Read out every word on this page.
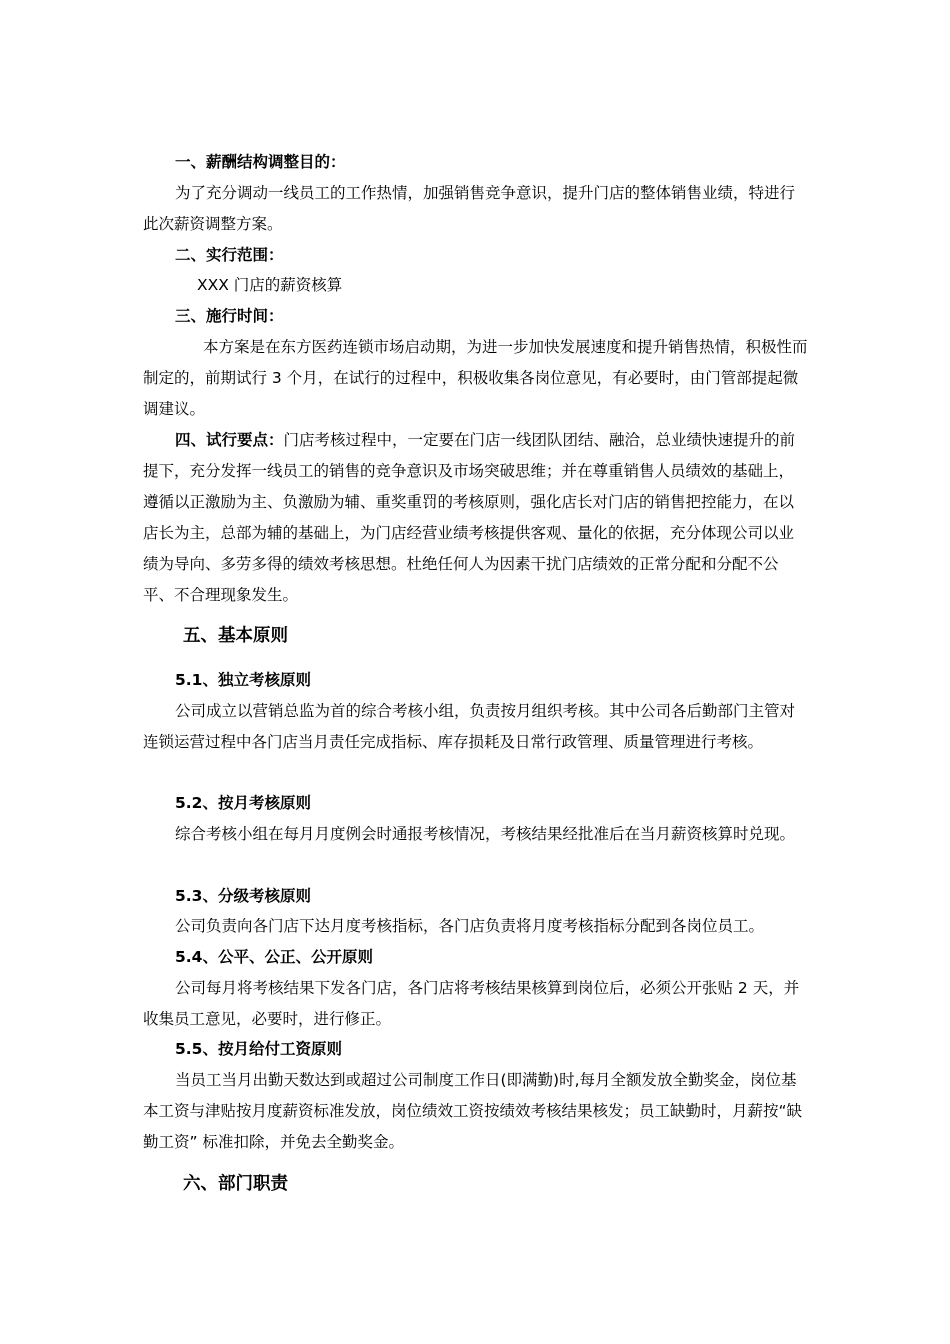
一、薪酬结构调整目的：

为了充分调动一线员工的工作热情，加强销售竞争意识，提升门店的整体销售业绩，特进行此次薪资调整方案。

二、实行范围：

XXX 门店的薪资核算

三、施行时间：

本方案是在东方医药连锁市场启动期，为进一步加快发展速度和提升销售热情，积极性而制定的，前期试行 3 个月，在试行的过程中，积极收集各岗位意见，有必要时，由门管部提起微调建议。

四、试行要点：门店考核过程中，一定要在门店一线团队团结、融洽，总业绩快速提升的前提下，充分发挥一线员工的销售的竞争意识及市场突破思维；并在尊重销售人员绩效的基础上，遵循以正激励为主、负激励为辅、重奖重罚的考核原则，强化店长对门店的销售把控能力，在以店长为主，总部为辅的基础上，为门店经营业绩考核提供客观、量化的依据，充分体现公司以业绩为导向、多劳多得的绩效考核思想。杜绝任何人为因素干扰门店绩效的正常分配和分配不公平、不合理现象发生。

五、基本原则

5.1、独立考核原则

公司成立以营销总监为首的综合考核小组，负责按月组织考核。其中公司各后勤部门主管对连锁运营过程中各门店当月责任完成指标、库存损耗及日常行政管理、质量管理进行考核。

5.2、按月考核原则

综合考核小组在每月月度例会时通报考核情况，考核结果经批准后在当月薪资核算时兑现。

5.3、分级考核原则

公司负责向各门店下达月度考核指标，各门店负责将月度考核指标分配到各岗位员工。

5.4、公平、公正、公开原则

公司每月将考核结果下发各门店，各门店将考核结果核算到岗位后，必须公开张贴 2 天，并收集员工意见，必要时，进行修正。

5.5、按月给付工资原则

当员工当月出勤天数达到或超过公司制度工作日(即满勤)时,每月全额发放全勤奖金，岗位基本工资与津贴按月度薪资标准发放，岗位绩效工资按绩效考核结果核发；员工缺勤时，月薪按“缺勤工资” 标准扣除，并免去全勤奖金。

六、部门职责
